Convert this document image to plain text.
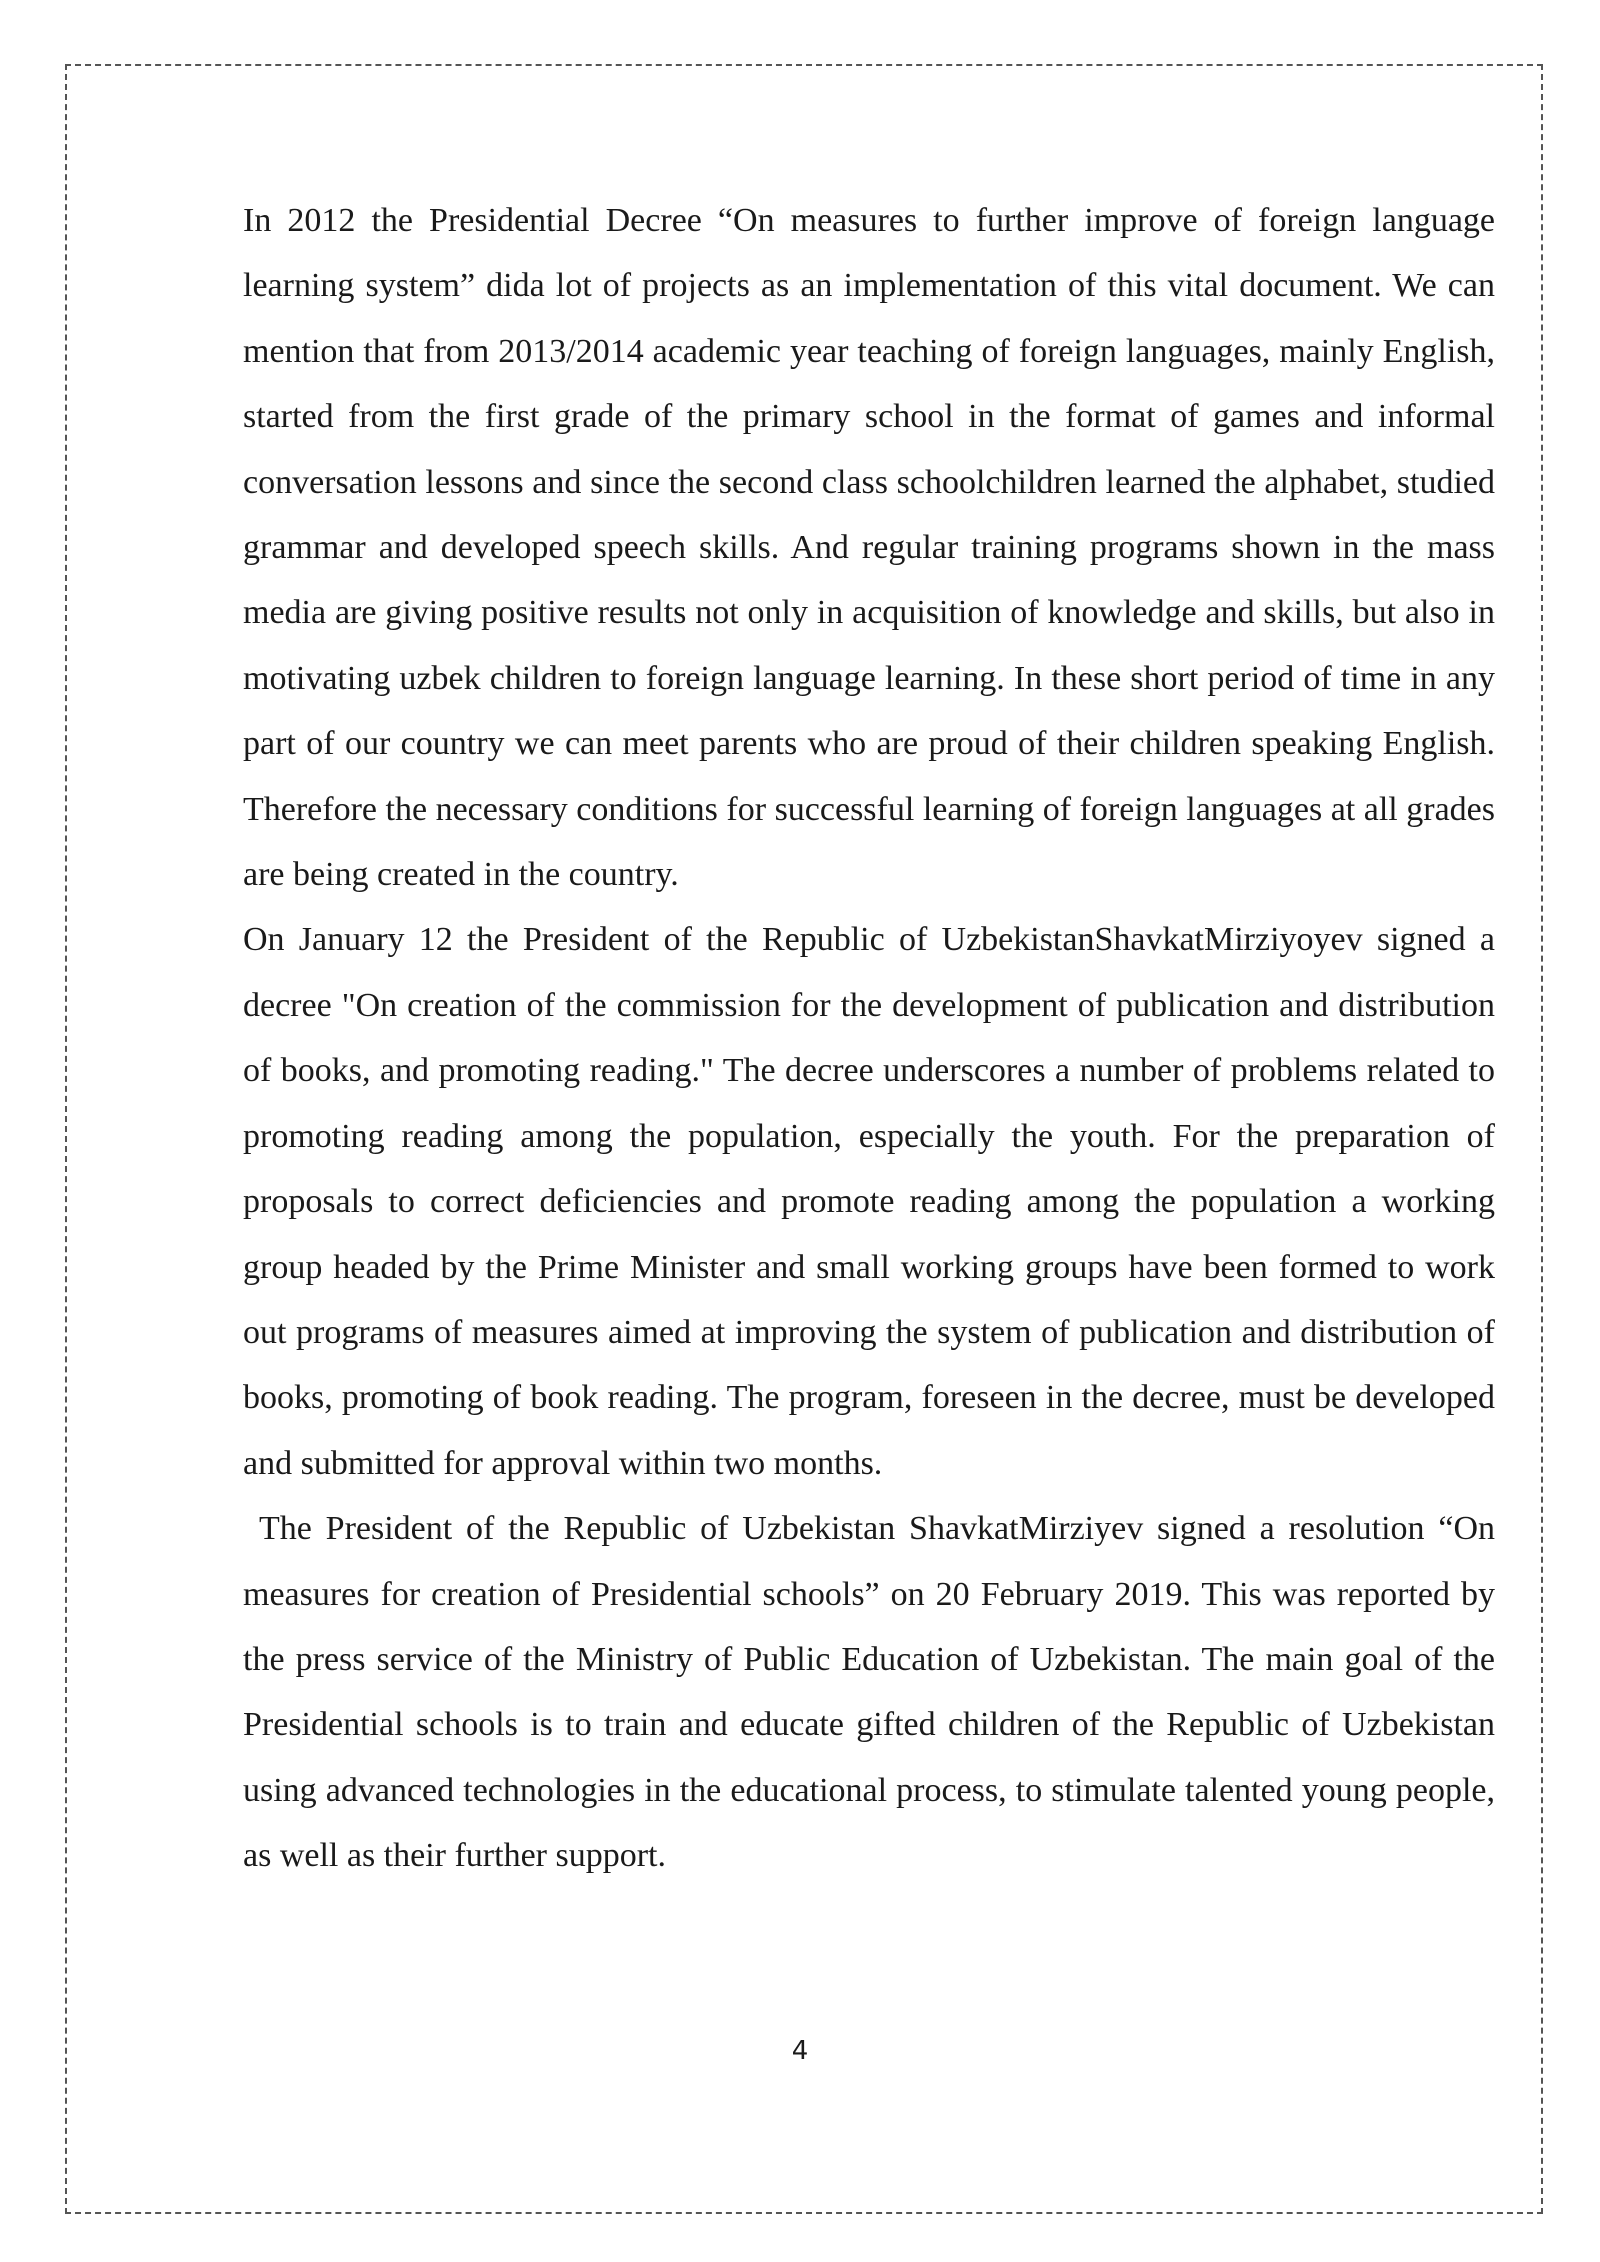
In 2012 the Presidential Decree “On measures to further improve of foreign language learning system” dida lot of projects as an implementation of this vital document. We can mention that from 2013/2014 academic year teaching of foreign languages, mainly English, started from the first grade of the primary school in the format of games and informal conversation lessons and since the second class schoolchildren learned the alphabet, studied grammar and developed speech skills. And regular training programs shown in the mass media are giving positive results not only in acquisition of knowledge and skills, but also in motivating uzbek children to foreign language learning. In these short period of time in any part of our country we can meet parents who are proud of their children speaking English. Therefore the necessary conditions for successful learning of foreign languages at all grades are being created in the country.

On January 12 the President of the Republic of UzbekistanShavkatMirziyoyev signed a decree "On creation of the commission for the development of publication and distribution of books, and promoting reading." The decree underscores a number of problems related to promoting reading among the population, especially the youth. For the preparation of proposals to correct deficiencies and promote reading among the population a working group headed by the Prime Minister and small working groups have been formed to work out programs of measures aimed at improving the system of publication and distribution of books, promoting of book reading. The program, foreseen in the decree, must be developed and submitted for approval within two months.

The President of the Republic of Uzbekistan ShavkatMirziyev signed a resolution “On measures for creation of Presidential schools” on 20 February 2019. This was reported by the press service of the Ministry of Public Education of Uzbekistan. The main goal of the Presidential schools is to train and educate gifted children of the Republic of Uzbekistan using advanced technologies in the educational process, to stimulate talented young people, as well as their further support.

4
